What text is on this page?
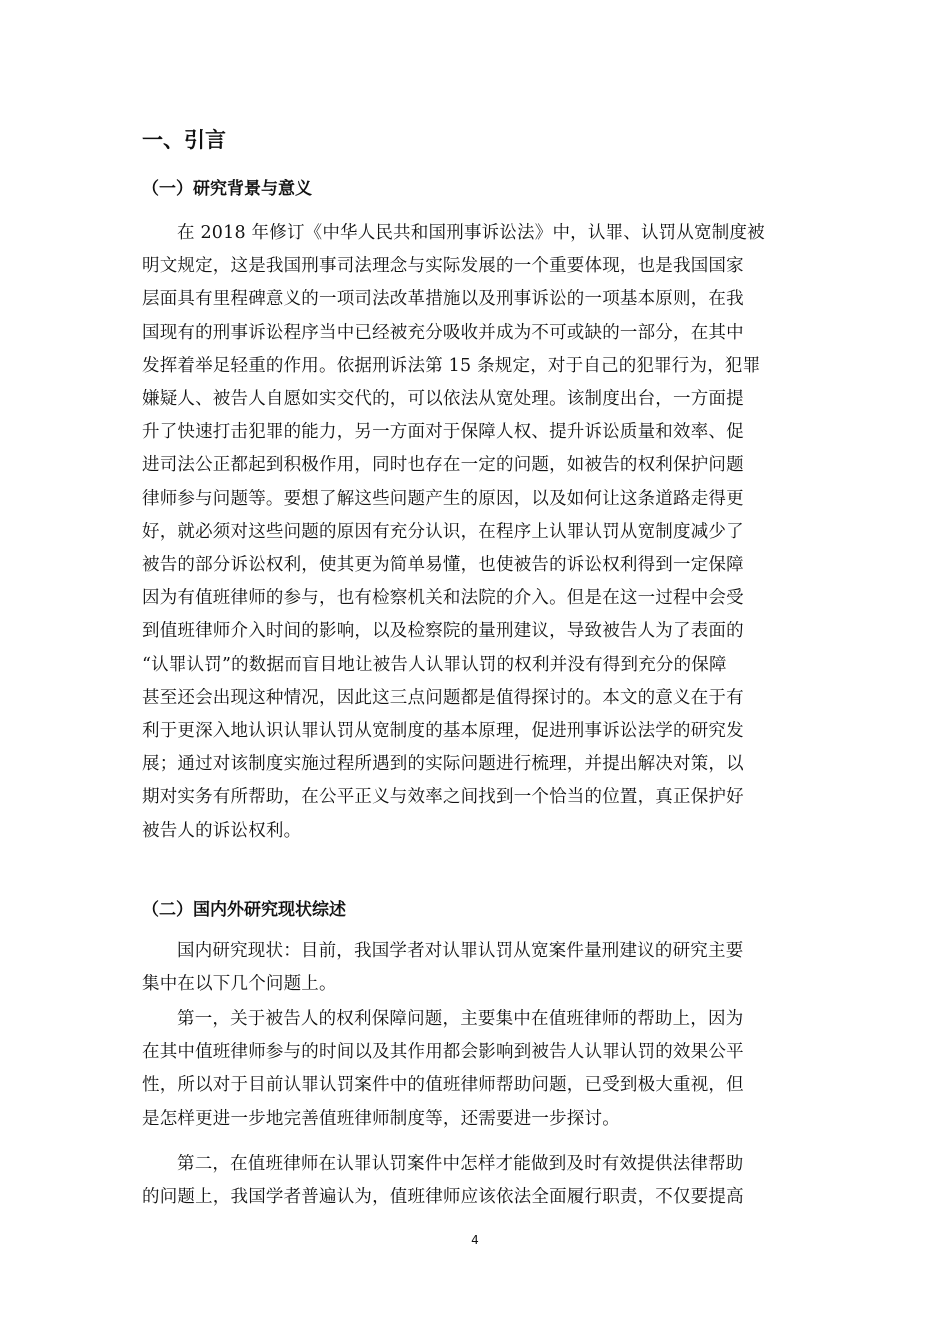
一、引言
（一）研究背景与意义

在 2018 年修订《中华人民共和国刑事诉讼法》中，认罪、认罚从宽制度被
明文规定，这是我国刑事司法理念与实际发展的一个重要体现，也是我国国家
层面具有里程碑意义的一项司法改革措施以及刑事诉讼的一项基本原则，在我
国现有的刑事诉讼程序当中已经被充分吸收并成为不可或缺的一部分，在其中
发挥着举足轻重的作用。依据刑诉法第 15 条规定，对于自己的犯罪行为，犯罪
嫌疑人、被告人自愿如实交代的，可以依法从宽处理。该制度出台，一方面提
升了快速打击犯罪的能力，另一方面对于保障人权、提升诉讼质量和效率、促
进司法公正都起到积极作用，同时也存在一定的问题，如被告的权利保护问题
律师参与问题等。要想了解这些问题产生的原因，以及如何让这条道路走得更
好，就必须对这些问题的原因有充分认识，在程序上认罪认罚从宽制度减少了
被告的部分诉讼权利，使其更为简单易懂，也使被告的诉讼权利得到一定保障
因为有值班律师的参与，也有检察机关和法院的介入。但是在这一过程中会受
到值班律师介入时间的影响，以及检察院的量刑建议，导致被告人为了表面的
“认罪认罚”的数据而盲目地让被告人认罪认罚的权利并没有得到充分的保障
甚至还会出现这种情况，因此这三点问题都是值得探讨的。本文的意义在于有
利于更深入地认识认罪认罚从宽制度的基本原理，促进刑事诉讼法学的研究发
展；通过对该制度实施过程所遇到的实际问题进行梳理，并提出解决对策，以
期对实务有所帮助，在公平正义与效率之间找到一个恰当的位置，真正保护好
被告人的诉讼权利。

（二）国内外研究现状综述

国内研究现状：目前，我国学者对认罪认罚从宽案件量刑建议的研究主要
集中在以下几个问题上。

第一，关于被告人的权利保障问题，主要集中在值班律师的帮助上，因为
在其中值班律师参与的时间以及其作用都会影响到被告人认罪认罚的效果公平
性，所以对于目前认罪认罚案件中的值班律师帮助问题，已受到极大重视，但
是怎样更进一步地完善值班律师制度等，还需要进一步探讨。

第二，在值班律师在认罪认罚案件中怎样才能做到及时有效提供法律帮助
的问题上，我国学者普遍认为，值班律师应该依法全面履行职责，不仅要提高

4
